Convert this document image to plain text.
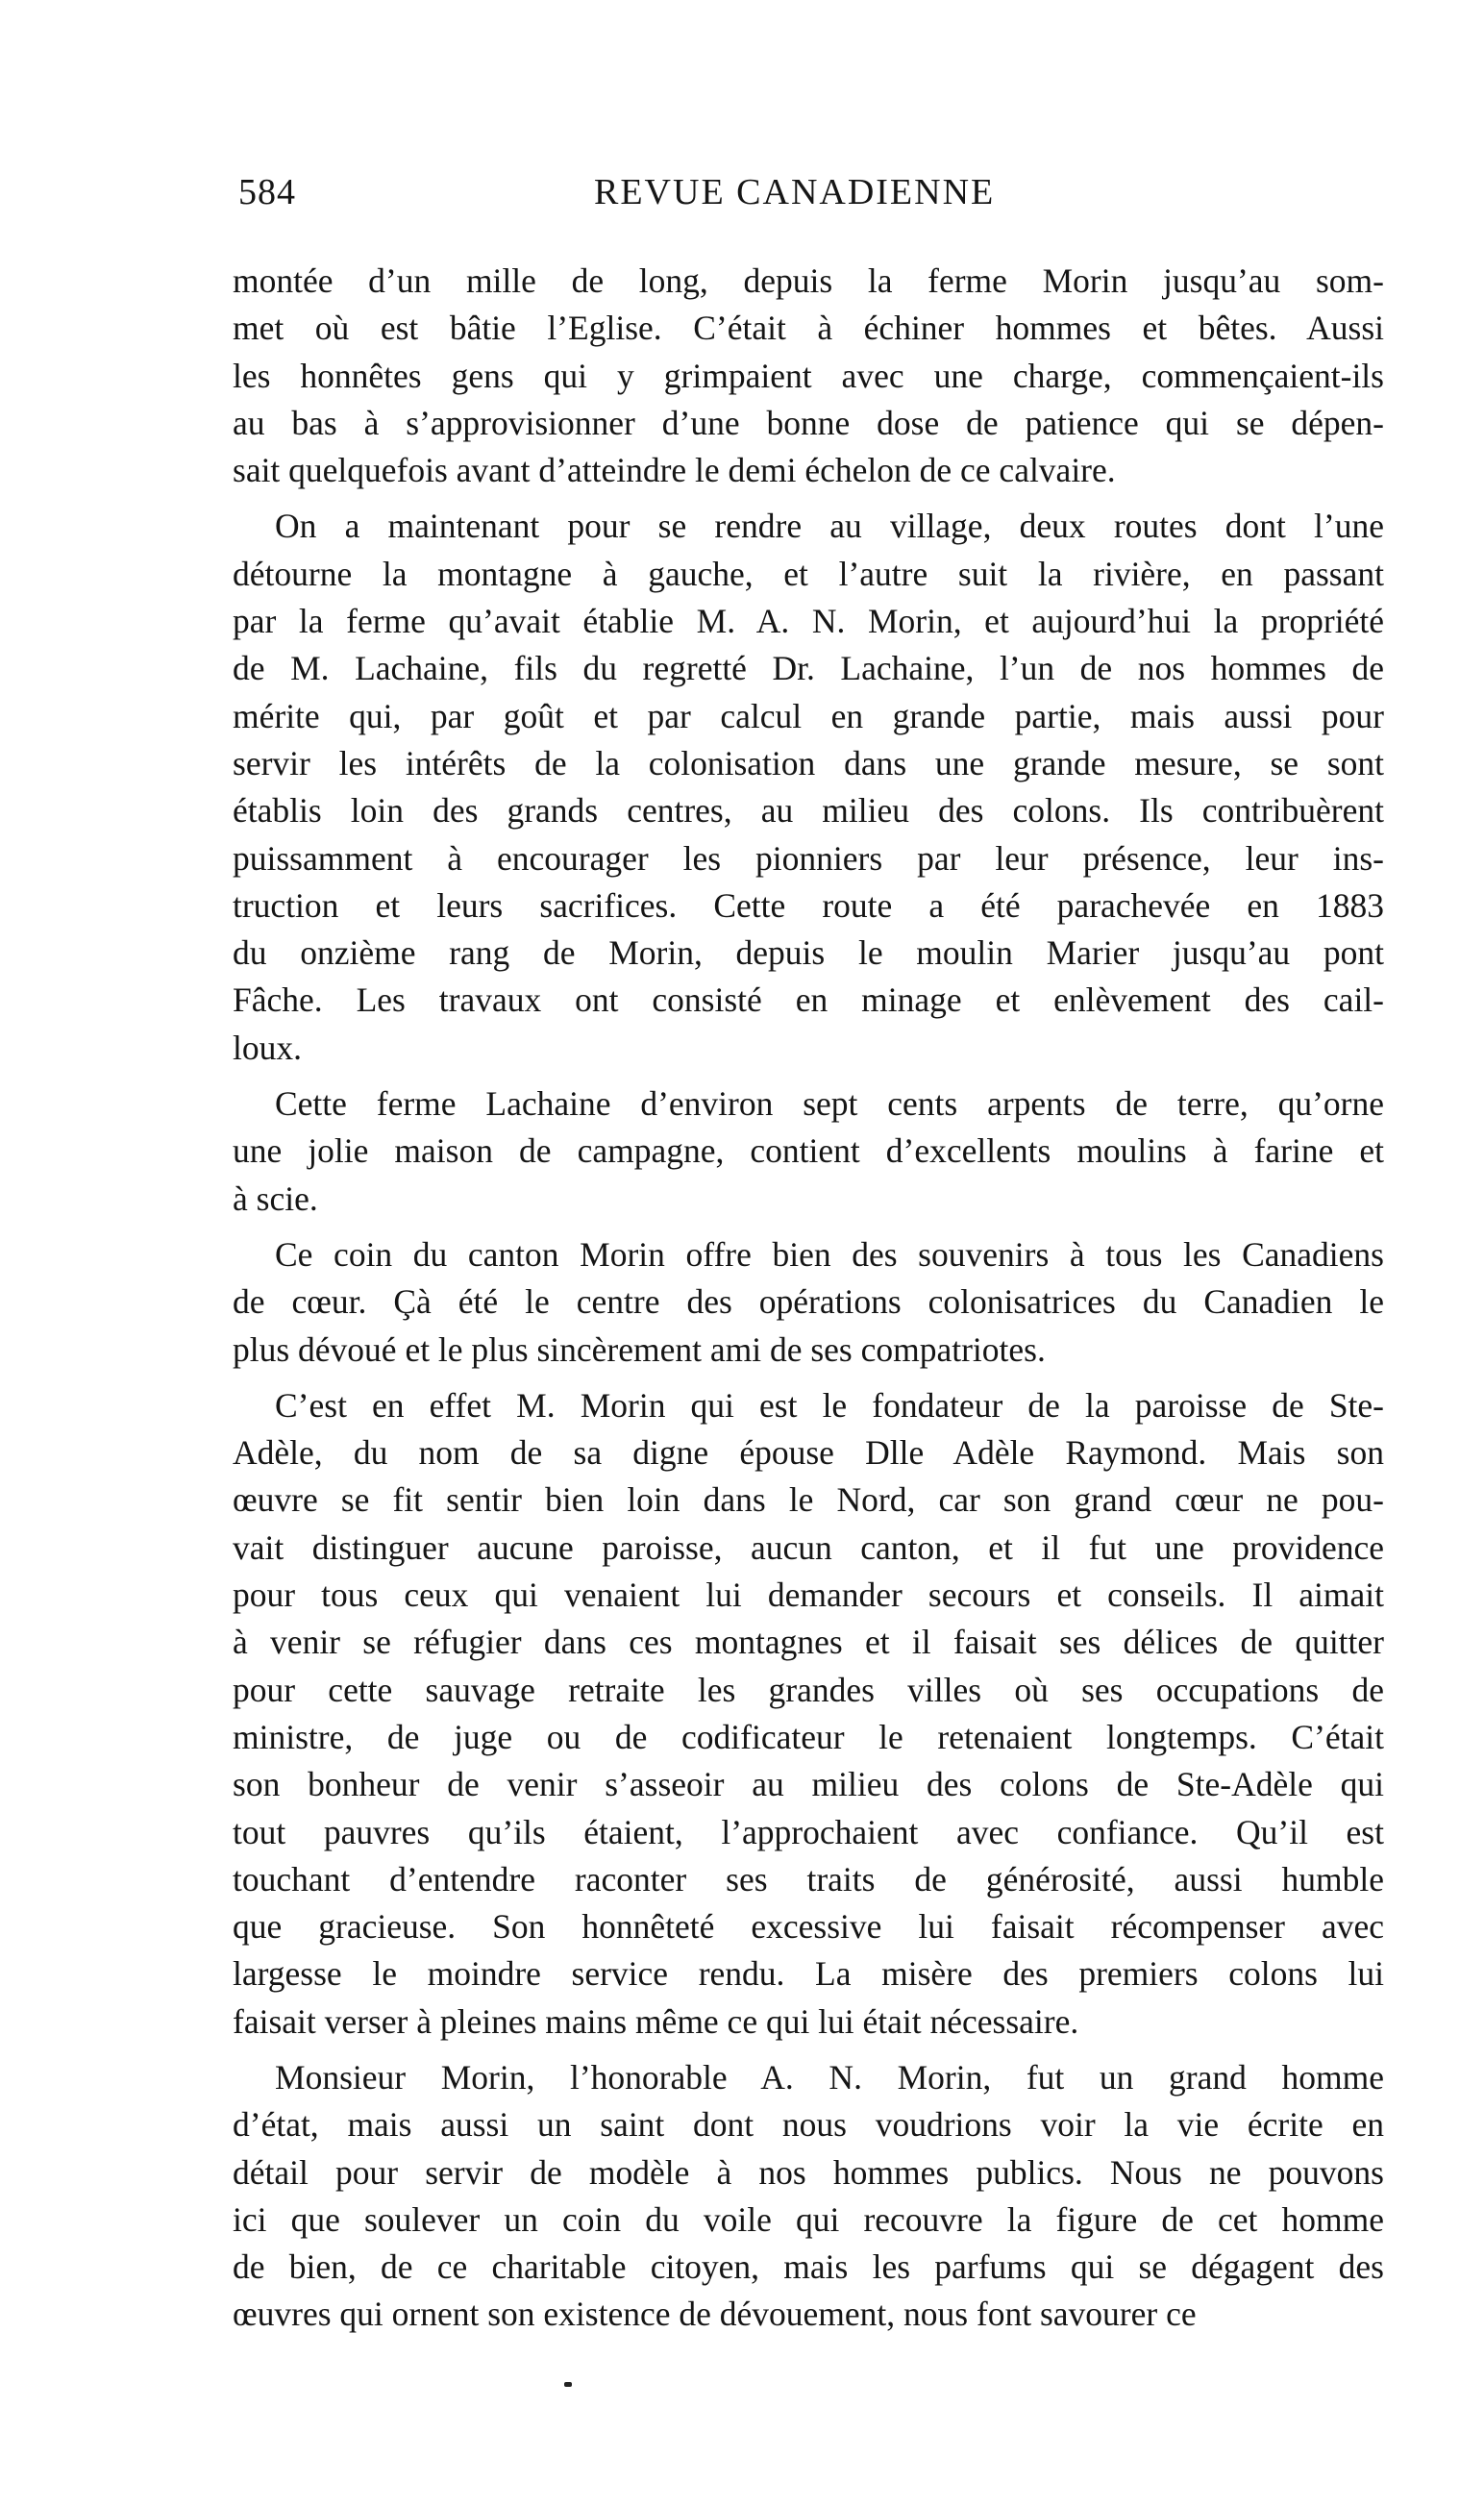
584	REVUE CANADIENNE
montée d’un mille de long, depuis la ferme Morin jusqu’au som-
met où est bâtie l’Eglise. C’était à échiner hommes et bêtes. Aussi
les honnêtes gens qui y grimpaient avec une charge, commençaient-ils
au bas à s’approvisionner d’une bonne dose de patience qui se dépen-
sait quelquefois avant d’atteindre le demi échelon de ce calvaire.
On a maintenant pour se rendre au village, deux routes dont l’une
détourne la montagne à gauche, et l’autre suit la rivière, en passant
par la ferme qu’avait établie M. A. N. Morin, et aujourd’hui la propriété
de M. Lachaine, fils du regretté Dr. Lachaine, l’un de nos hommes de
mérite qui, par goût et par calcul en grande partie, mais aussi pour
servir les intérêts de la colonisation dans une grande mesure, se sont
établis loin des grands centres, au milieu des colons. Ils contribuèrent
puissamment à encourager les pionniers par leur présence, leur ins-
truction et leurs sacrifices. Cette route a été parachevée en 1883
du onzième rang de Morin, depuis le moulin Marier jusqu’au pont
Fâche. Les travaux ont consisté en minage et enlèvement des cail-
loux.
Cette ferme Lachaine d’environ sept cents arpents de terre, qu’orne
une jolie maison de campagne, contient d’excellents moulins à farine et
à scie.
Ce coin du canton Morin offre bien des souvenirs à tous les Canadiens
de cœur. Çà été le centre des opérations colonisatrices du Canadien le
plus dévoué et le plus sincèrement ami de ses compatriotes.
C’est en effet M. Morin qui est le fondateur de la paroisse de Ste-
Adèle, du nom de sa digne épouse Dlle Adèle Raymond. Mais son
œuvre se fit sentir bien loin dans le Nord, car son grand cœur ne pou-
vait distinguer aucune paroisse, aucun canton, et il fut une providence
pour tous ceux qui venaient lui demander secours et conseils. Il aimait
à venir se réfugier dans ces montagnes et il faisait ses délices de quitter
pour cette sauvage retraite les grandes villes où ses occupations de
ministre, de juge ou de codificateur le retenaient longtemps. C’était
son bonheur de venir s’asseoir au milieu des colons de Ste-Adèle qui
tout pauvres qu’ils étaient, l’approchaient avec confiance. Qu’il est
touchant d’entendre raconter ses traits de générosité, aussi humble
que gracieuse. Son honnêteté excessive lui faisait récompenser avec
largesse le moindre service rendu. La misère des premiers colons lui
faisait verser à pleines mains même ce qui lui était nécessaire.
Monsieur Morin, l’honorable A. N. Morin, fut un grand homme
d’état, mais aussi un saint dont nous voudrions voir la vie écrite en
détail pour servir de modèle à nos hommes publics. Nous ne pouvons
ici que soulever un coin du voile qui recouvre la figure de cet homme
de bien, de ce charitable citoyen, mais les parfums qui se dégagent des
œuvres qui ornent son existence de dévouement, nous font savourer ce
